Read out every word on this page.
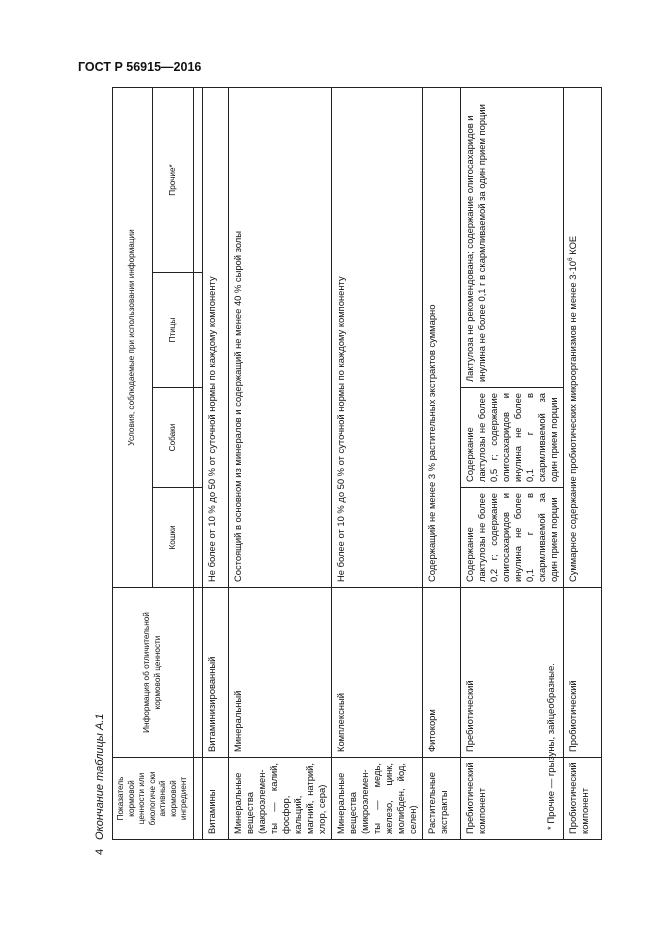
ГОСТ Р 56915—2016
4
Окончание таблицы А.1 Показатель кормовой ценности или биологиче ски активный кормовой ингредиент	Информация об отличительной кормовой ценности	Условия, соблюдаемые при использовании информации			
		Кошки	Собаки	Птицы	Прочие*

Витамины	Витаминизированный	Не более от 10 % до 50 % от суточной нормы по каждому компоненту			
Минеральные вещества (макроэлементы — калий, фосфор, кальций, магний, натрий, хлор, сера)	Минеральный	Состоящий в основном из минералов и содержащий не менее 40 % сырой золы			
Минеральные вещества (микроэлементы — медь, железо, цинк, молибден, йод, селен)	Комплексный	Не более от 10 % до 50 % от суточной нормы по каждому компоненту			
Растительные экстракты	Фитокорм	Содержащий не менее 3 % растительных экстрактов суммарно			
Пребиотический компонент	Пребиотический	Содержание лактулозы не более 0,2 г; содержание олигосахаридов и инулина не более 0,1 г в скармливаемой за один прием порции	Содержание лактулозы не более 0,5 г; содержание олигосахаридов и инулина не более 0,1 г в скармливаемой за один прием порции	Лактулоза не рекомендована; содержание олигосахаридов и инулина не более 0,1 г в скармливаемой за один прием порции	
Пробиотический компонент	Пробиотический	Суммарное содержание пробиотических микроорганизмов не менее $3\cdot 10^6$ КОЕ			
* Прочие — грызуны, зайцеобразные.
